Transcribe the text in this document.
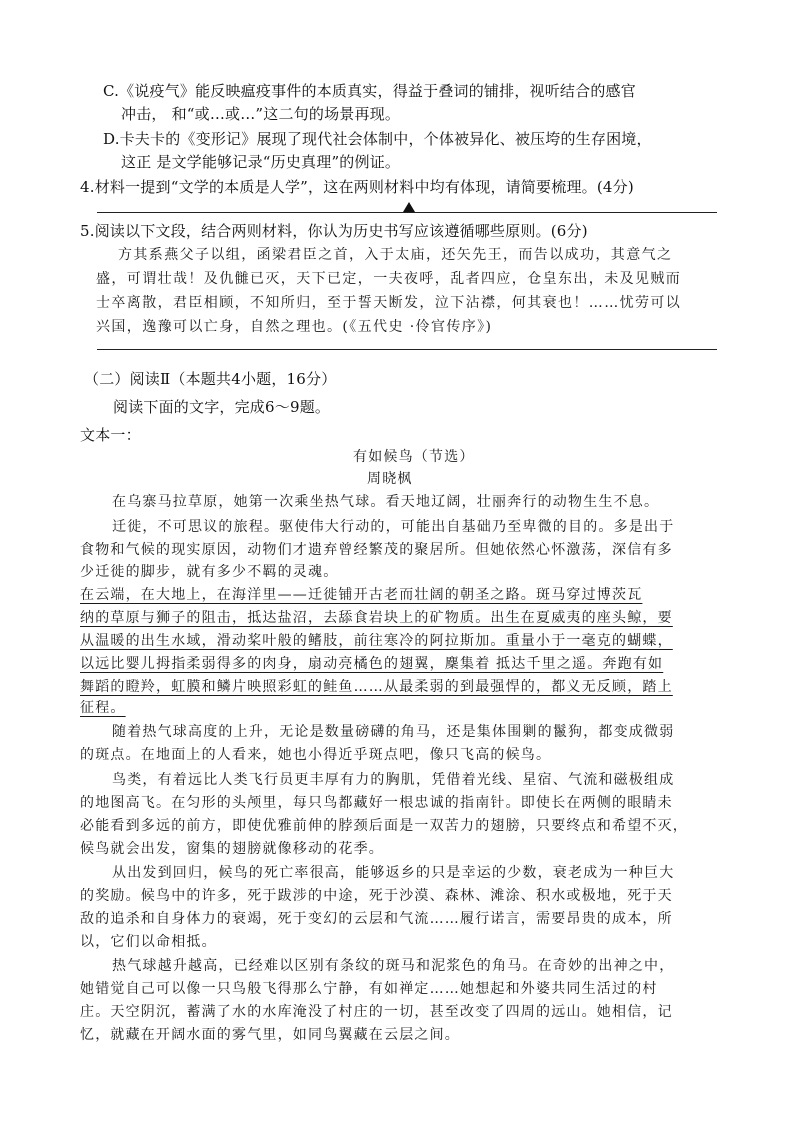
C.《说疫气》能反映瘟疫事件的本质真实，得益于叠词的铺排，视听结合的感官
冲击， 和“或…或…”这二句的场景再现。
D.卡夫卡的《变形记》展现了现代社会体制中，个体被异化、被压垮的生存困境，
这正 是文学能够记录“历史真理”的例证。
4.材料一提到“文学的本质是人学”，这在两则材料中均有体现，请简要梳理。(4分)
5.阅读以下文段，结合两则材料，你认为历史书写应该遵循哪些原则。(6分)
方其系燕父子以组，函梁君臣之首，入于太庙，还矢先王，而告以成功，其意气之
盛，可谓壮哉！及仇雠已灭，天下已定，一夫夜呼，乱者四应，仓皇东出，未及见贼而
士卒离散，君臣相顾，不知所归，至于誓天断发，泣下沾襟，何其衰也！……忧劳可以
兴国，逸豫可以亡身，自然之理也。(《五代史 ·伶官传序》)
（二）阅读Ⅱ（本题共4小题，16分）
阅读下面的文字，完成6～9题。
文本一：
有如候鸟（节选）
周晓枫
在乌寨马拉草原，她第一次乘坐热气球。看天地辽阔，壮丽奔行的动物生生不息。
迁徙，不可思议的旅程。驱使伟大行动的，可能出自基础乃至卑微的目的。多是出于
食物和气候的现实原因，动物们才遗弃曾经繁茂的聚居所。但她依然心怀激荡，深信有多
少迁徙的脚步，就有多少不羁的灵魂。
在云端，在大地上，在海洋里——迁徙铺开古老而壮阔的朝圣之路。斑马穿过博茨瓦
纳的草原与狮子的阻击，抵达盐沼，去舔食岩块上的矿物质。出生在夏威夷的座头鲸，要
从温暖的出生水域，滑动桨叶般的鳍肢，前往寒冷的阿拉斯加。重量小于一毫克的蝴蝶，
以远比婴儿拇指柔弱得多的肉身，扇动亮橘色的翅翼，麇集着 抵达千里之遥。奔跑有如
舞蹈的瞪羚，虹膜和鳞片映照彩虹的鲑鱼……从最柔弱的到最强悍的，都义无反顾，踏上
征程。
随着热气球高度的上升，无论是数量磅礴的角马，还是集体围剿的鬣狗，都变成微弱
的斑点。在地面上的人看来，她也小得近乎斑点吧，像只飞高的候鸟。
鸟类，有着远比人类飞行员更丰厚有力的胸肌，凭借着光线、星宿、气流和磁极组成
的地图高飞。在匀形的头颅里，每只鸟都藏好一根忠诚的指南针。即使长在两侧的眼睛未
必能看到多远的前方，即使优雅前伸的脖颈后面是一双苦力的翅膀，只要终点和希望不灭，
候鸟就会出发，窗集的翅膀就像移动的花季。
从出发到回归，候鸟的死亡率很高，能够返乡的只是幸运的少数，衰老成为一种巨大
的奖励。候鸟中的许多，死于跋涉的中途，死于沙漠、森林、滩涂、积水或极地，死于天
敌的追杀和自身体力的衰竭，死于变幻的云层和气流……履行诺言，需要昂贵的成本，所
以，它们以命相抵。
热气球越升越高，已经难以区别有条纹的斑马和泥浆色的角马。在奇妙的出神之中，
她错觉自己可以像一只鸟般飞得那么宁静，有如禅定……她想起和外婆共同生活过的村
庄。天空阴沉，蓄满了水的水库淹没了村庄的一切，甚至改变了四周的远山。她相信，记
忆，就藏在开阔水面的雾气里，如同鸟翼藏在云层之间。
